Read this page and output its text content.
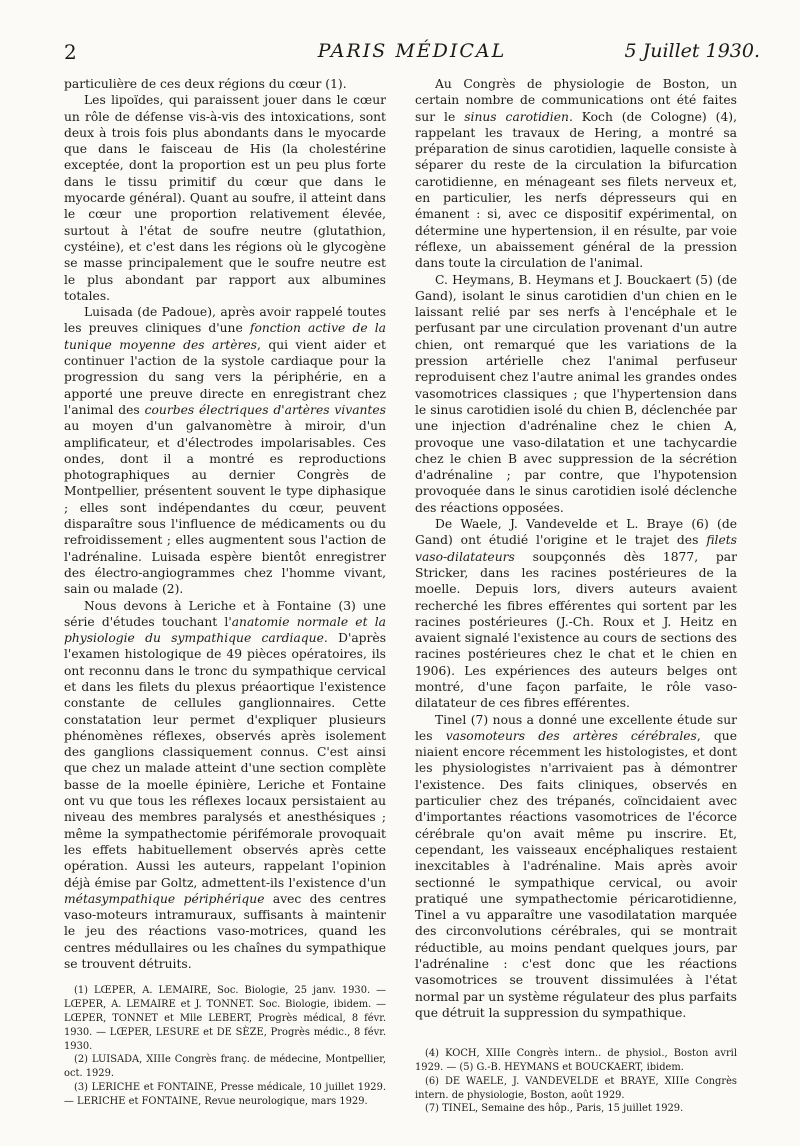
2	PARIS MÉDICAL	5 Juillet 1930.

particulière de ces deux régions du cœur (1).

Les lipoïdes, qui paraissent jouer dans le cœur un rôle de défense vis-à-vis des intoxications, sont deux à trois fois plus abondants dans le myocarde que dans le faisceau de His (la cholestérine exceptée, dont la proportion est un peu plus forte dans le tissu primitif du cœur que dans le myocarde général). Quant au soufre, il atteint dans le cœur une proportion relativement élevée, surtout à l'état de soufre neutre (glutathion, cystéine), et c'est dans les régions où le glycogène se masse principalement que le soufre neutre est le plus abondant par rapport aux albumines totales.

Luisada (de Padoue), après avoir rappelé toutes les preuves cliniques d'une fonction active de la tunique moyenne des artères, qui vient aider et continuer l'action de la systole cardiaque pour la progression du sang vers la périphérie, en a apporté une preuve directe en enregistrant chez l'animal des courbes électriques d'artères vivantes au moyen d'un galvanomètre à miroir, d'un amplificateur, et d'électrodes impolarisables. Ces ondes, dont il a montré es reproductions photographiques au dernier Congrès de Montpellier, présentent souvent le type diphasique ; elles sont indépendantes du cœur, peuvent disparaître sous l'influence de médicaments ou du refroidissement ; elles augmentent sous l'action de l'adrénaline. Luisada espère bientôt enregistrer des électro-angiogrammes chez l'homme vivant, sain ou malade (2).

Nous devons à Leriche et à Fontaine (3) une série d'études touchant l'anatomie normale et la physiologie du sympathique cardiaque. D'après l'examen histologique de 49 pièces opératoires, ils ont reconnu dans le tronc du sympathique cervical et dans les filets du plexus préaortique l'existence constante de cellules ganglionnaires. Cette constatation leur permet d'expliquer plusieurs phénomènes réflexes, observés après isolement des ganglions classiquement connus. C'est ainsi que chez un malade atteint d'une section complète basse de la moelle épinière, Leriche et Fontaine ont vu que tous les réflexes locaux persistaient au niveau des membres paralysés et anesthésiques ; même la sympathectomie périfémorale provoquait les effets habituellement observés après cette opération. Aussi les auteurs, rappelant l'opinion déjà émise par Goltz, admettent-ils l'existence d'un métasympathique périphérique avec des centres vaso-moteurs intramuraux, suffisants à maintenir le jeu des réactions vaso-motrices, quand les centres médullaires ou les chaînes du sympathique se trouvent détruits.

(1) LŒPER, A. LEMAIRE, Soc. Biologie, 25 janv. 1930. — LŒPER, A. LEMAIRE et J. TONNET. Soc. Biologie, ibidem. — LŒPER, TONNET et Mlle LEBERT, Progrès médical, 8 févr. 1930. — LŒPER, LESURE et DE SÈZE, Progrès médic., 8 févr. 1930.
(2) LUISADA, XIIIe Congrès franç. de médecine, Montpellier, oct. 1929.
(3) LERICHE et FONTAINE, Presse médicale, 10 juillet 1929. — LERICHE et FONTAINE, Revue neurologique, mars 1929.

Au Congrès de physiologie de Boston, un certain nombre de communications ont été faites sur le sinus carotidien. Koch (de Cologne) (4), rappelant les travaux de Hering, a montré sa préparation de sinus carotidien, laquelle consiste à séparer du reste de la circulation la bifurcation carotidienne, en ménageant ses filets nerveux et, en particulier, les nerfs dépresseurs qui en émanent : si, avec ce dispositif expérimental, on détermine une hypertension, il en résulte, par voie réflexe, un abaissement général de la pression dans toute la circulation de l'animal.

C. Heymans, B. Heymans et J. Bouckaert (5) (de Gand), isolant le sinus carotidien d'un chien en le laissant relié par ses nerfs à l'encéphale et le perfusant par une circulation provenant d'un autre chien, ont remarqué que les variations de la pression artérielle chez l'animal perfuseur reproduisent chez l'autre animal les grandes ondes vasomotrices classiques ; que l'hypertension dans le sinus carotidien isolé du chien B, déclenchée par une injection d'adrénaline chez le chien A, provoque une vaso-dilatation et une tachycardie chez le chien B avec suppression de la sécrétion d'adrénaline ; par contre, que l'hypotension provoquée dans le sinus carotidien isolé déclenche des réactions opposées.

De Waele, J. Vandevelde et L. Braye (6) (de Gand) ont étudié l'origine et le trajet des filets vaso-dilatateurs soupçonnés dès 1877, par Stricker, dans les racines postérieures de la moelle. Depuis lors, divers auteurs avaient recherché les fibres efférentes qui sortent par les racines postérieures (J.-Ch. Roux et J. Heitz en avaient signalé l'existence au cours de sections des racines postérieures chez le chat et le chien en 1906). Les expériences des auteurs belges ont montré, d'une façon parfaite, le rôle vaso-dilatateur de ces fibres efférentes.

Tinel (7) nous a donné une excellente étude sur les vasomoteurs des artères cérébrales, que niaient encore récemment les histologistes, et dont les physiologistes n'arrivaient pas à démontrer l'existence. Des faits cliniques, observés en particulier chez des trépanés, coïncidaient avec d'importantes réactions vasomotrices de l'écorce cérébrale qu'on avait même pu inscrire. Et, cependant, les vaisseaux encéphaliques restaient inexcitables à l'adrénaline. Mais après avoir sectionné le sympathique cervical, ou avoir pratiqué une sympathectomie péricarotidienne, Tinel a vu apparaître une vasodilatation marquée des circonvolutions cérébrales, qui se montrait réductible, au moins pendant quelques jours, par l'adrénaline : c'est donc que les réactions vasomotrices se trouvent dissimulées à l'état normal par un système régulateur des plus parfaits que détruit la suppression du sympathique.

(4) KOCH, XIIIe Congrès intern.. de physiol., Boston avril 1929. — (5) G.-B. HEYMANS et BOUCKAERT, ibidem.
(6) DE WAELE, J. VANDEVELDE et BRAYE, XIIIe Congrès intern. de physiologie, Boston, août 1929.
(7) TINEL, Semaine des hôp., Paris, 15 juillet 1929.
